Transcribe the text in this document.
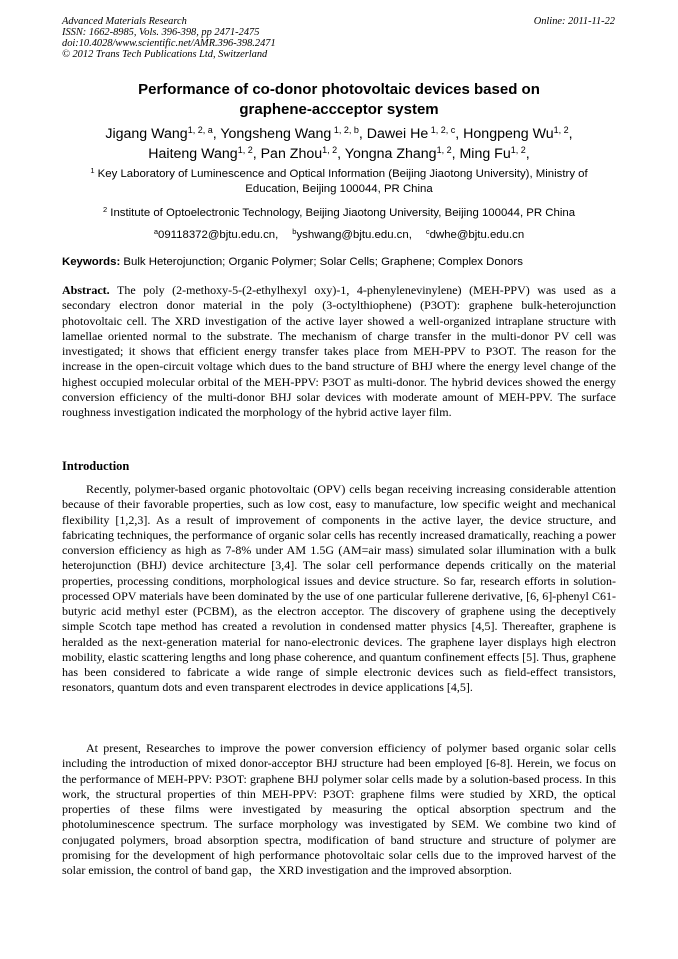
Advanced Materials Research
ISSN: 1662-8985, Vols. 396-398, pp 2471-2475
doi:10.4028/www.scientific.net/AMR.396-398.2471
© 2012 Trans Tech Publications Ltd, Switzerland
Online: 2011-11-22
Performance of co-donor photovoltaic devices based on
graphene-accceptor system
Jigang Wang$^{1, 2, a}$, Yongsheng Wang $^{1, 2, b}$, Dawei He $^{1, 2, c}$, Hongpeng Wu$^{1, 2}$,
Haiteng Wang$^{1, 2}$, Pan Zhou$^{1, 2}$, Yongna Zhang$^{1, 2}$, Ming Fu$^{1, 2}$,
$^1$ Key Laboratory of Luminescence and Optical Information (Beijing Jiaotong University), Ministry of Education, Beijing 100044, PR China
$^2$ Institute of Optoelectronic Technology, Beijing Jiaotong University, Beijing 100044, PR China
$^a$09118372@bjtu.edu.cn, $^b$yshwang@bjtu.edu.cn, $^c$dwhe@bjtu.edu.cn
Keywords: Bulk Heterojunction; Organic Polymer; Solar Cells; Graphene; Complex Donors
Abstract. The poly (2-methoxy-5-(2-ethylhexyl oxy)-1, 4-phenylenevinylene) (MEH-PPV) was used as a secondary electron donor material in the poly (3-octylthiophene) (P3OT): graphene bulk-heterojunction photovoltaic cell. The XRD investigation of the active layer showed a well-organized intraplane structure with lamellae oriented normal to the substrate. The mechanism of charge transfer in the multi-donor PV cell was investigated; it shows that efficient energy transfer takes place from MEH-PPV to P3OT. The reason for the increase in the open-circuit voltage which dues to the band structure of BHJ where the energy level change of the highest occupied molecular orbital of the MEH-PPV: P3OT as multi-donor. The hybrid devices showed the energy conversion efficiency of the multi-donor BHJ solar devices with moderate amount of MEH-PPV. The surface roughness investigation indicated the morphology of the hybrid active layer film.
Introduction
Recently, polymer-based organic photovoltaic (OPV) cells began receiving increasing considerable attention because of their favorable properties, such as low cost, easy to manufacture, low specific weight and mechanical flexibility [1,2,3]. As a result of improvement of components in the active layer, the device structure, and fabricating techniques, the performance of organic solar cells has recently increased dramatically, reaching a power conversion efficiency as high as 7-8% under AM 1.5G (AM=air mass) simulated solar illumination with a bulk heterojunction (BHJ) device architecture [3,4]. The solar cell performance depends critically on the material properties, processing conditions, morphological issues and device structure. So far, research efforts in solution-processed OPV materials have been dominated by the use of one particular fullerene derivative, [6, 6]-phenyl C61-butyric acid methyl ester (PCBM), as the electron acceptor. The discovery of graphene using the deceptively simple Scotch tape method has created a revolution in condensed matter physics [4,5]. Thereafter, graphene is heralded as the next-generation material for nano-electronic devices. The graphene layer displays high electron mobility, elastic scattering lengths and long phase coherence, and quantum confinement effects [5]. Thus, graphene has been considered to fabricate a wide range of simple electronic devices such as field-effect transistors, resonators, quantum dots and even transparent electrodes in device applications [4,5].
At present, Researches to improve the power conversion efficiency of polymer based organic solar cells including the introduction of mixed donor-acceptor BHJ structure had been employed [6-8]. Herein, we focus on the performance of MEH-PPV: P3OT: graphene BHJ polymer solar cells made by a solution-based process. In this work, the structural properties of thin MEH-PPV: P3OT: graphene films were studied by XRD, the optical properties of these films were investigated by measuring the optical absorption spectrum and the photoluminescence spectrum. The surface morphology was investigated by SEM. We combine two kind of conjugated polymers, broad absorption spectra, modification of band structure and structure of polymer are promising for the development of high performance photovoltaic solar cells due to the improved harvest of the solar emission, the control of band gap，the XRD investigation and the improved absorption.
